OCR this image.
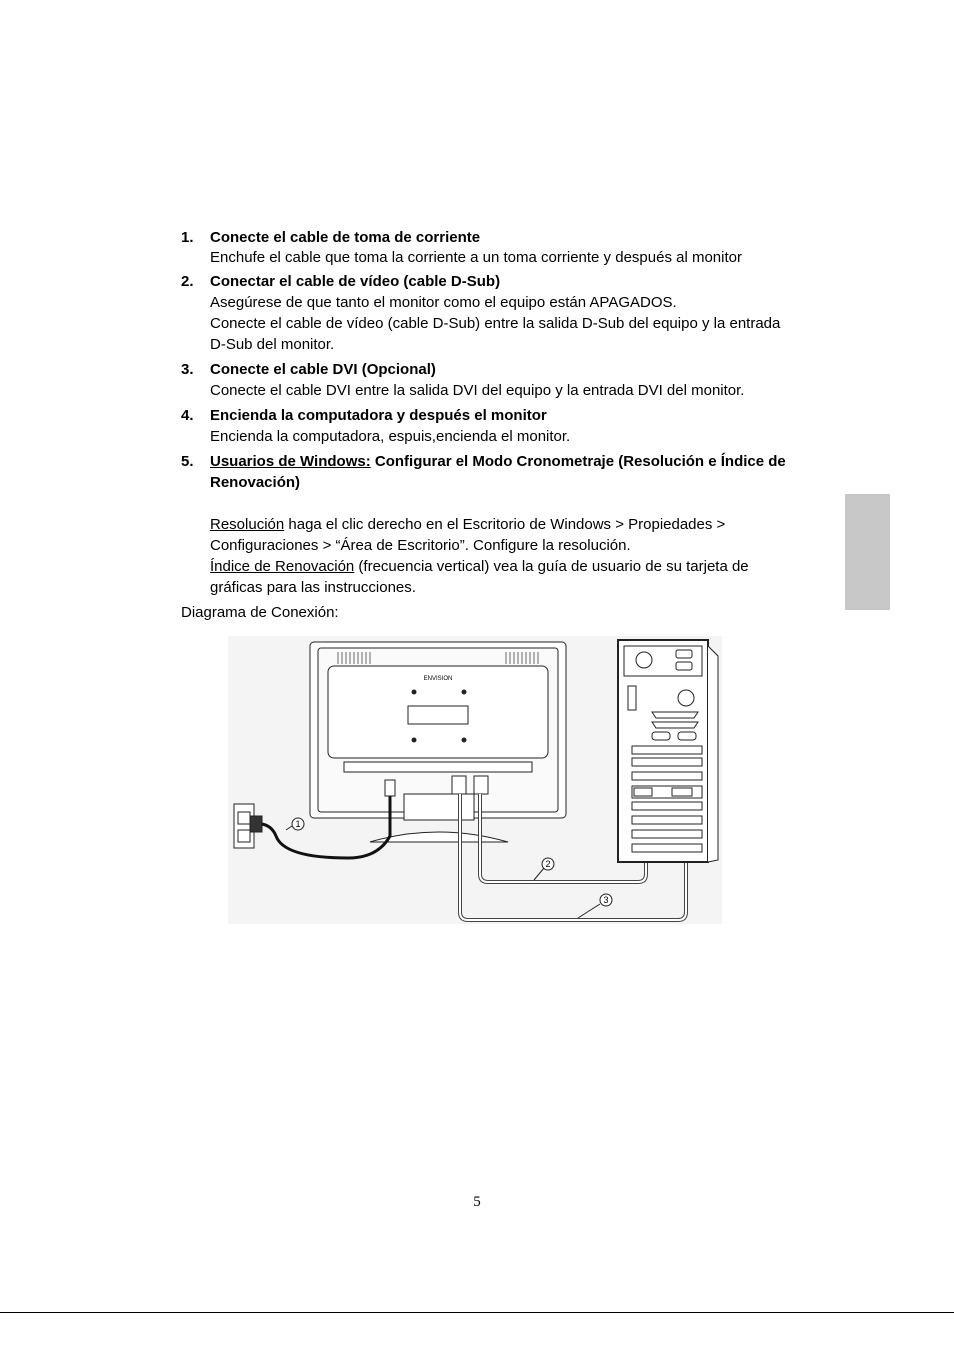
1. Conecte el cable de toma de corriente

Enchufe el cable que toma la corriente a un toma corriente y después al monitor

2. Conectar el cable de vídeo (cable D-Sub)

Asegúrese de que tanto el monitor como el equipo están APAGADOS.

Conecte el cable de vídeo (cable D-Sub) entre la salida D-Sub del equipo y la entrada D-Sub del monitor.

3. Conecte el cable DVI (Opcional)

Conecte el cable DVI entre la salida DVI del equipo y la entrada DVI del monitor.

4. Encienda la computadora y después el monitor

Encienda la computadora, espuis,encienda el monitor.

5. Usuarios de Windows: Configurar el Modo Cronometraje (Resolución e Índice de Renovación)

Resolución haga el clic derecho en el Escritorio de Windows > Propiedades > Configuraciones > “Área de Escritorio”. Configure la resolución.

Índice de Renovación (frecuencia vertical) vea la guía de usuario de su tarjeta de gráficas para las instrucciones.

Diagrama de Conexión:
ENVISION
1
2
3
5
